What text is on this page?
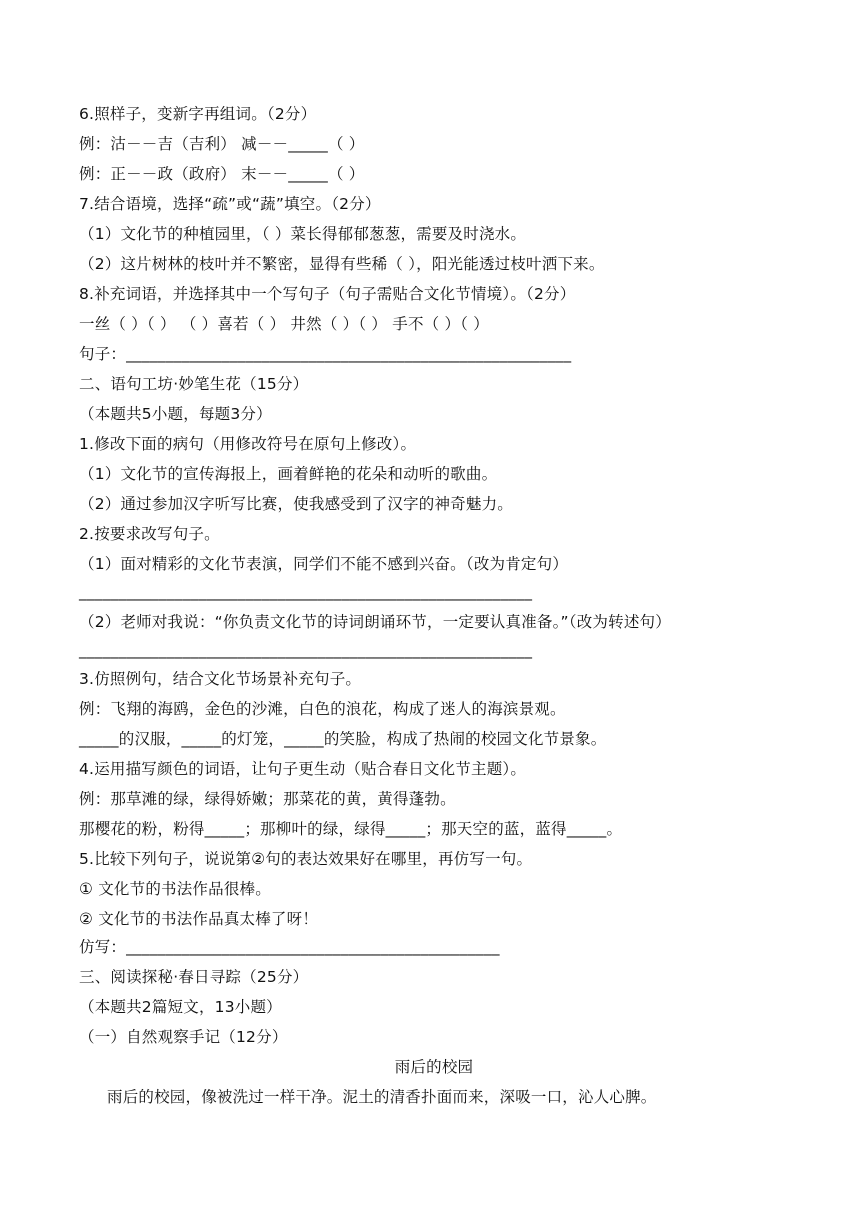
6.照样子，变新字再组词。（2分）
例：沽－－吉（吉利） 减－－_____（ ）
例：正－－政（政府） 末－－_____（ ）
7.结合语境，选择“疏”或“蔬”填空。（2分）
（1）文化节的种植园里，（ ）菜长得郁郁葱葱，需要及时浇水。
（2）这片树林的枝叶并不繁密，显得有些稀（ ），阳光能透过枝叶洒下来。
8.补充词语，并选择其中一个写句子（句子需贴合文化节情境）。（2分）
一丝（ ）（ ） （ ）喜若（ ） 井然（ ）（ ） 手不（ ）（ ）
句子：________________________________________________________
二、语句工坊·妙笔生花（15分）
（本题共5小题，每题3分）
1.修改下面的病句（用修改符号在原句上修改）。
（1）文化节的宣传海报上，画着鲜艳的花朵和动听的歌曲。
（2）通过参加汉字听写比赛，使我感受到了汉字的神奇魅力。
2.按要求改写句子。
（1）面对精彩的文化节表演，同学们不能不感到兴奋。（改为肯定句）
_________________________________________________________
（2）老师对我说：“你负责文化节的诗词朗诵环节，一定要认真准备。”（改为转述句）
_________________________________________________________
3.仿照例句，结合文化节场景补充句子。
例：飞翔的海鸥，金色的沙滩，白色的浪花，构成了迷人的海滨景观。
_____的汉服，_____的灯笼，_____的笑脸，构成了热闹的校园文化节景象。
4.运用描写颜色的词语，让句子更生动（贴合春日文化节主题）。
例：那草滩的绿，绿得娇嫩；那菜花的黄，黄得蓬勃。
那樱花的粉，粉得_____；那柳叶的绿，绿得_____；那天空的蓝，蓝得_____。
5.比较下列句子，说说第②句的表达效果好在哪里，再仿写一句。
① 文化节的书法作品很棒。
② 文化节的书法作品真太棒了呀！
仿写：_______________________________________________
三、阅读探秘·春日寻踪（25分）
（本题共2篇短文，13小题）
（一）自然观察手记（12分）
雨后的校园
雨后的校园，像被洗过一样干净。泥土的清香扑面而来，深吸一口，沁人心脾。
